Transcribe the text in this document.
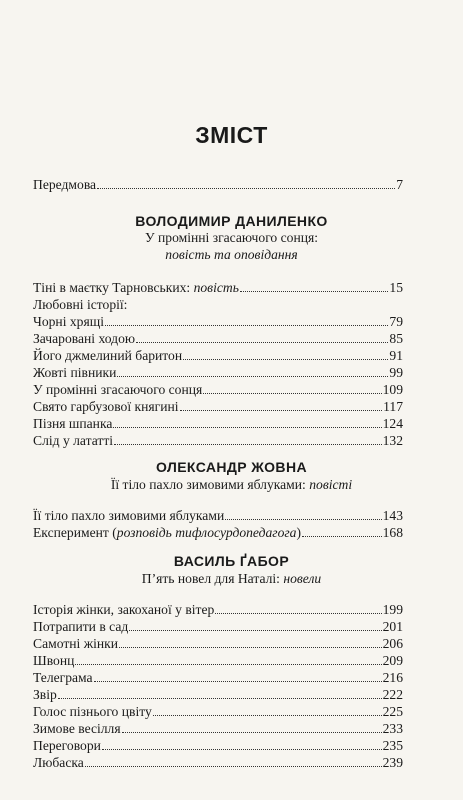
ЗМІСТ
Передмова	7
ВОЛОДИМИР ДАНИЛЕНКО
У промінні згасаючого сонця:
повість та оповідання
Тіні в маєтку Тарновських: повість	15
Любовні історії:
Чорні хрящі	79
Зачаровані ходою	85
Його джмелиний баритон	91
Жовті півники	99
У промінні згасаючого сонця	109
Свято гарбузової княгині	117
Пізня шпанка	124
Слід у лататті	132
ОЛЕКСАНДР ЖОВНА
Її тіло пахло зимовими яблуками: повісті
Її тіло пахло зимовими яблуками	143
Експеримент (розповідь тифлосурдопедагога)	168
ВАСИЛЬ ҐАБОР
П’ять новел для Наталі: новели
Історія жінки, закоханої у вітер	199
Потрапити в сад	201
Самотні жінки	206
Швонц	209
Телеграма	216
Звір	222
Голос пізнього цвіту	225
Зимове весілля	233
Переговори	235
Любаска	239
